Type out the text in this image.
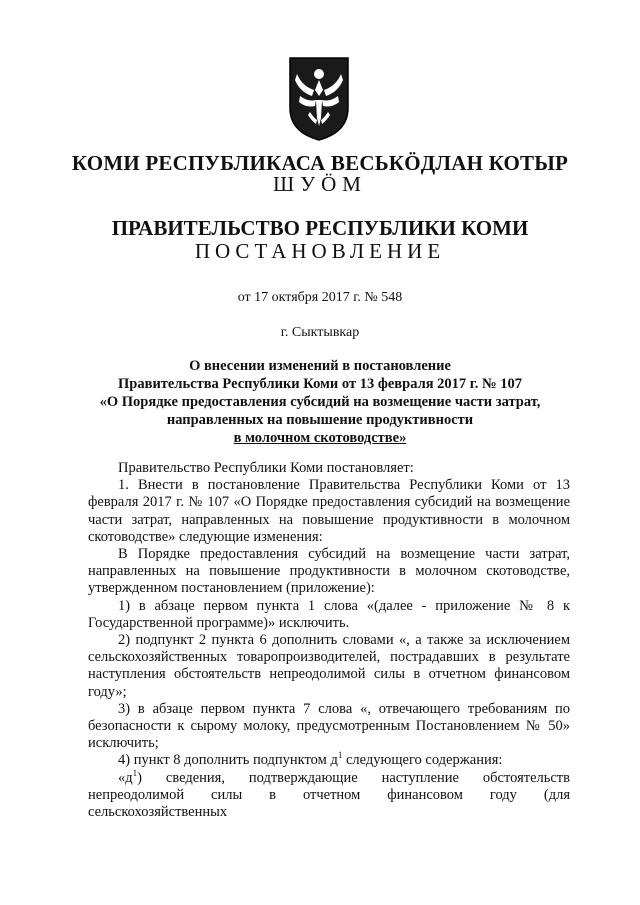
КОМИ РЕСПУБЛИКАСА ВЕСЬКӦДЛАН КОТЫР
ШУӦМ
ПРАВИТЕЛЬСТВО РЕСПУБЛИКИ КОМИ
ПОСТАНОВЛЕНИЕ
от 17 октября 2017 г. № 548
г. Сыктывкар
О внесении изменений в постановление
Правительства Республики Коми от 13 февраля 2017 г. № 107
«О Порядке предоставления субсидий на возмещение части затрат,
направленных на повышение продуктивности
в молочном скотоводстве»

Правительство Республики Коми постановляет:

1. Внести в постановление Правительства Республики Коми от 13 февраля 2017 г. № 107 «О Порядке предоставления субсидий на возмещение части затрат, направленных на повышение продуктивности в молочном скотоводстве» следующие изменения:

В Порядке предоставления субсидий на возмещение части затрат, направленных на повышение продуктивности в молочном скотоводстве, утвержденном постановлением (приложение):

1) в абзаце первом пункта 1 слова «(далее - приложение № 8 к Государственной программе)» исключить.

2) подпункт 2 пункта 6 дополнить словами «, а также за исключением сельскохозяйственных товаропроизводителей, пострадавших в результате наступления обстоятельств непреодолимой силы в отчетном финансовом году»;

3) в абзаце первом пункта 7 слова «, отвечающего требованиям по безопасности к сырому молоку, предусмотренным Постановлением № 50» исключить;

4) пункт 8 дополнить подпунктом $д^1$ следующего содержания:

«$д^1$) сведения, подтверждающие наступление обстоятельств непреодолимой силы в отчетном финансовом году (для сельскохозяйственных
